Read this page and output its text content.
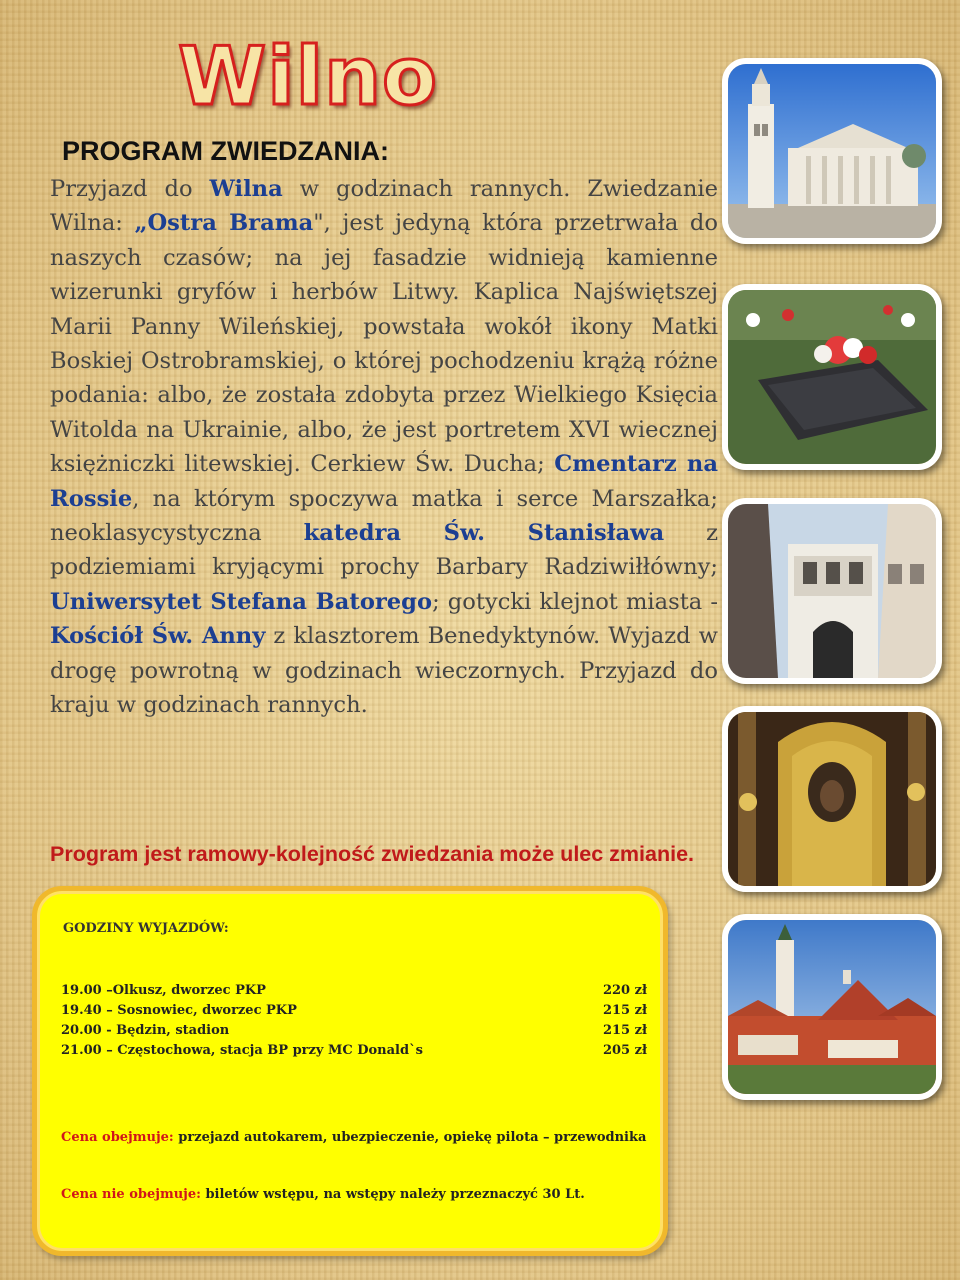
Wilno
PROGRAM ZWIEDZANIA:

Przyjazd do Wilna w godzinach rannych. Zwiedzanie Wilna: „Ostra Brama", jest jedyną która przetrwała do naszych czasów; na jej fasadzie widnieją kamienne wizerunki gryfów i herbów Litwy. Kaplica Najświętszej Marii Panny Wileńskiej, powstała wokół ikony Matki Boskiej Ostrobramskiej, o której pochodzeniu krążą różne podania: albo, że została zdobyta przez Wielkiego Księcia Witolda na Ukrainie, albo, że jest portretem XVI wiecznej księżniczki litewskiej. Cerkiew Św. Ducha; Cmentarz na Rossie, na którym spoczywa matka i serce Marszałka; neoklasycystyczna katedra Św. Stanisława z podziemiami kryjącymi prochy Barbary Radziwiłłówny; Uniwersytet Stefana Batorego; gotycki klejnot miasta - Kościół Św. Anny z klasztorem Benedyktynów. Wyjazd w drogę powrotną w godzinach wieczornych. Przyjazd do kraju w godzinach rannych.

Program jest ramowy-kolejność zwiedzania może ulec zmianie.

GODZINY WYJAZDÓW:

19.00 –Olkusz, dworzec PKP	220 zł
19.40 – Sosnowiec, dworzec PKP	215 zł
20.00 - Będzin, stadion	215 zł
21.00 – Częstochowa, stacja BP przy MC Donald`s	205 zł

Cena obejmuje: przejazd autokarem, ubezpieczenie, opiekę pilota – przewodnika

Cena nie obejmuje: biletów wstępu, na wstępy należy przeznaczyć 30 Lt.
